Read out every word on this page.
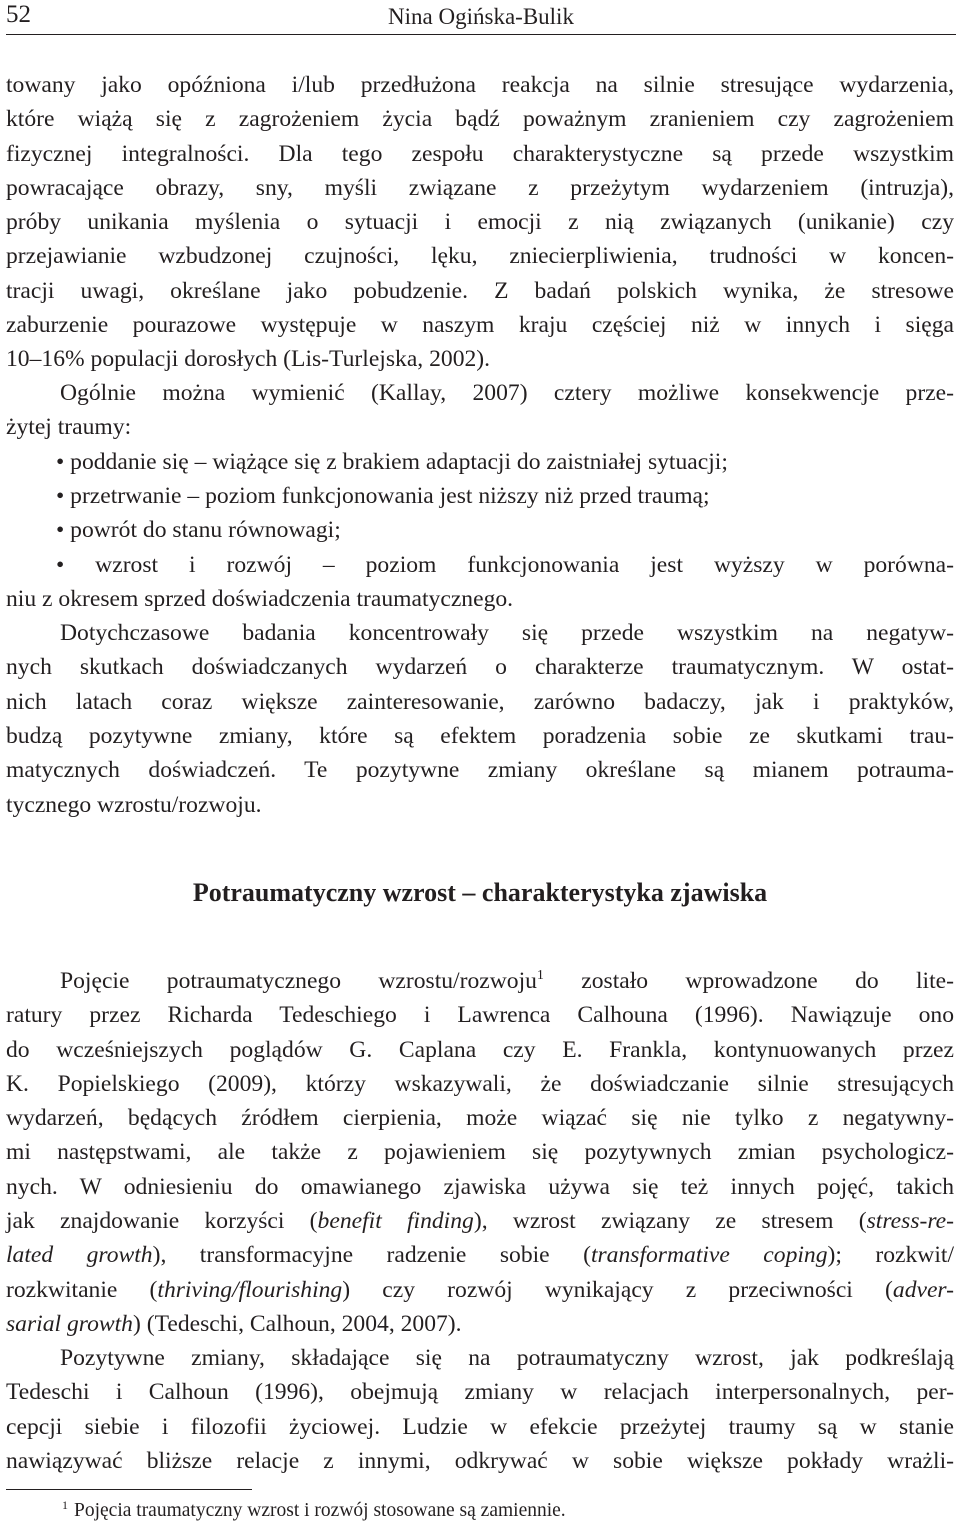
52	Nina Ogińska-Bulik
towany jako opóźniona i/lub przedłużona reakcja na silnie stresujące wydarzenia,
które wiążą się z zagrożeniem życia bądź poważnym zranieniem czy zagrożeniem
fizycznej integralności. Dla tego zespołu charakterystyczne są przede wszystkim
powracające obrazy, sny, myśli związane z przeżytym wydarzeniem (intruzja),
próby unikania myślenia o sytuacji i emocji z nią związanych (unikanie) czy
przejawianie wzbudzonej czujności, lęku, zniecierpliwienia, trudności w koncen-
tracji uwagi, określane jako pobudzenie. Z badań polskich wynika, że stresowe
zaburzenie pourazowe występuje w naszym kraju częściej niż w innych i sięga
10–16% populacji dorosłych (Lis-Turlejska, 2002).
Ogólnie można wymienić (Kallay, 2007) cztery możliwe konsekwencje prze-
żytej traumy:
• poddanie się – wiążące się z brakiem adaptacji do zaistniałej sytuacji;
• przetrwanie – poziom funkcjonowania jest niższy niż przed traumą;
• powrót do stanu równowagi;
• wzrost i rozwój – poziom funkcjonowania jest wyższy w porówna-
niu z okresem sprzed doświadczenia traumatycznego.
Dotychczasowe badania koncentrowały się przede wszystkim na negatyw-
nych skutkach doświadczanych wydarzeń o charakterze traumatycznym. W ostat-
nich latach coraz większe zainteresowanie, zarówno badaczy, jak i praktyków,
budzą pozytywne zmiany, które są efektem poradzenia sobie ze skutkami trau-
matycznych doświadczeń. Te pozytywne zmiany określane są mianem potrauma-
tycznego wzrostu/rozwoju.
Potraumatyczny wzrost – charakterystyka zjawiska
Pojęcie potraumatycznego wzrostu/rozwoju$^1$ zostało wprowadzone do lite-
ratury przez Richarda Tedeschiego i Lawrenca Calhouna (1996). Nawiązuje ono
do wcześniejszych poglądów G. Caplana czy E. Frankla, kontynuowanych przez
K. Popielskiego (2009), którzy wskazywali, że doświadczanie silnie stresujących
wydarzeń, będących źródłem cierpienia, może wiązać się nie tylko z negatywny-
mi następstwami, ale także z pojawieniem się pozytywnych zmian psychologicz-
nych. W odniesieniu do omawianego zjawiska używa się też innych pojęć, takich
jak znajdowanie korzyści (benefit finding), wzrost związany ze stresem (stress-re-
lated growth), transformacyjne radzenie sobie (transformative coping); rozkwit/
rozkwitanie (thriving/flourishing) czy rozwój wynikający z przeciwności (adver-
sarial growth) (Tedeschi, Calhoun, 2004, 2007).
Pozytywne zmiany, składające się na potraumatyczny wzrost, jak podkreślają
Tedeschi i Calhoun (1996), obejmują zmiany w relacjach interpersonalnych, per-
cepcji siebie i filozofii życiowej. Ludzie w efekcie przeżytej traumy są w stanie
nawiązywać bliższe relacje z innymi, odkrywać w sobie większe pokłady wrażli-
$^1$ Pojęcia traumatyczny wzrost i rozwój stosowane są zamiennie.
